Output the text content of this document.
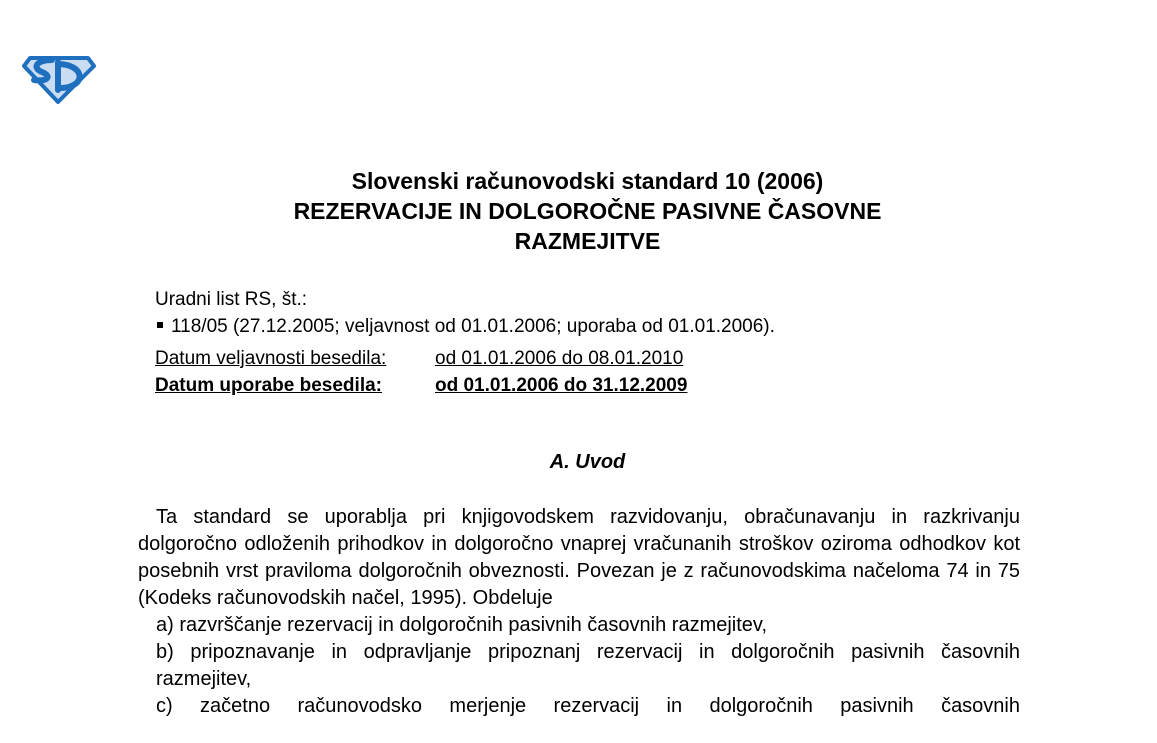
Slovenski računovodski standard 10 (2006)
REZERVACIJE IN DOLGOROČNE PASIVNE ČASOVNE
RAZMEJITVE
Uradni list RS, št.:
118/05 (27.12.2005; veljavnost od 01.01.2006; uporaba od 01.01.2006).
Datum veljavnosti besedila:	od 01.01.2006 do 08.01.2010
Datum uporabe besedila:	od 01.01.2006 do 31.12.2009
A. Uvod

Ta standard se uporablja pri knjigovodskem razvidovanju, obračunavanju in razkrivanju dolgoročno odloženih prihodkov in dolgoročno vnaprej vračunanih stroškov oziroma odhodkov kot posebnih vrst praviloma dolgoročnih obveznosti. Povezan je z računovodskima načeloma 74 in 75 (Kodeks računovodskih načel, 1995). Obdeluje

a) razvrščanje rezervacij in dolgoročnih pasivnih časovnih razmejitev,

b) pripoznavanje in odpravljanje pripoznanj rezervacij in dolgoročnih pasivnih časovnih razmejitev,

c) začetno računovodsko merjenje rezervacij in dolgoročnih pasivnih časovnih
